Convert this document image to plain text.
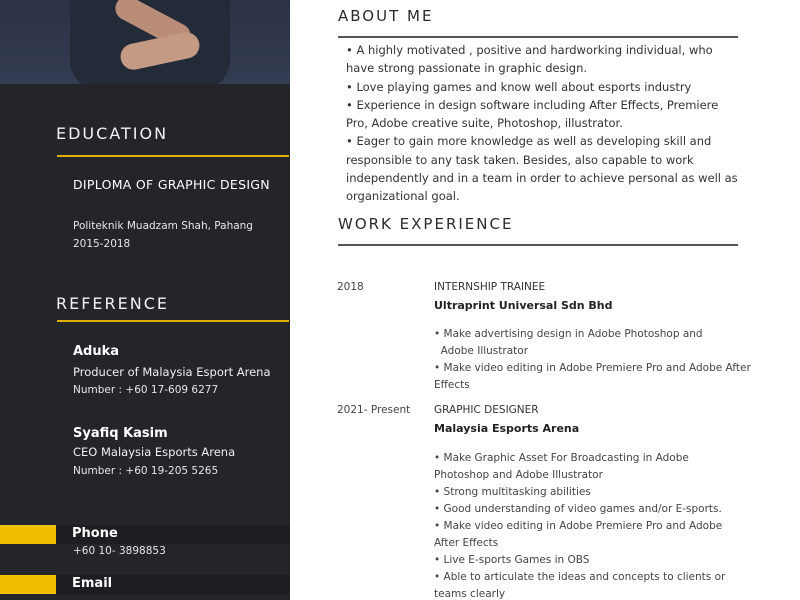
EDUCATION
DIPLOMA OF GRAPHIC DESIGN
Politeknik Muadzam Shah, Pahang
2015-2018
REFERENCE
Aduka
Producer of Malaysia Esport Arena
Number : +60 17-609 6277
Syafiq Kasim
CEO Malaysia Esports Arena
Number : +60 19-205 5265
Phone
+60 10- 3898853
Email
ABOUT ME

• A highly motivated , positive and hardworking individual, who have strong passionate in graphic design.

• Love playing games and know well about esports industry

• Experience in design software including After Effects, Premiere Pro, Adobe creative suite, Photoshop, illustrator.

• Eager to gain more knowledge as well as developing skill and responsible to any task taken. Besides, also capable to work independently and in a team in order to achieve personal as well as organizational goal.

WORK EXPERIENCE
2018	INTERNSHIP TRAINEE
Ultraprint Universal Sdn Bhd

• Make advertising design in Adobe Photoshop and

Adobe Illustrator

• Make video editing in Adobe Premiere Pro and Adobe After Effects

2021- Present GRAPHIC DESIGNER
Malaysia Esports Arena

• Make Graphic Asset For Broadcasting in Adobe Photoshop and Adobe Illustrator

• Strong multitasking abilities

• Good understanding of video games and/or E-sports.

• Make video editing in Adobe Premiere Pro and Adobe After Effects

• Live E-sports Games in OBS

• Able to articulate the ideas and concepts to clients or teams clearly
